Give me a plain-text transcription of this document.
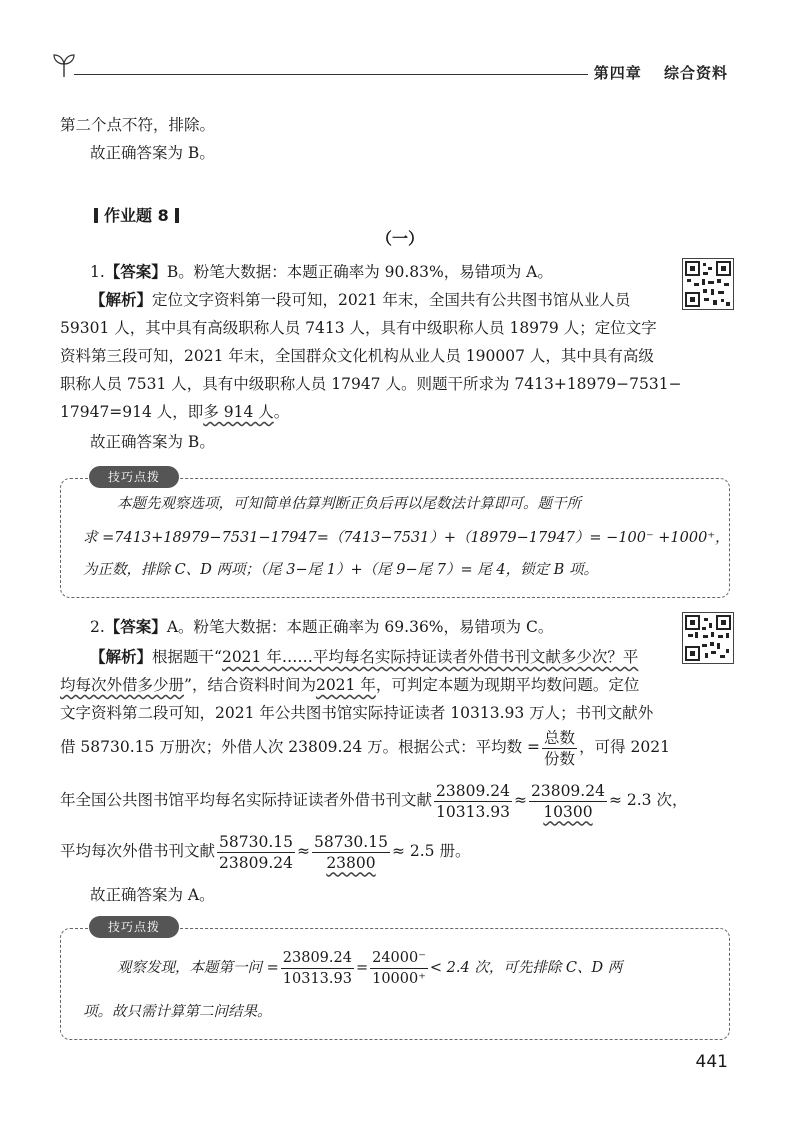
第四章 综合资料
第二个点不符，排除。
故正确答案为 B。
作业题 8
（一）
1.【答案】B。粉笔大数据：本题正确率为 90.83%，易错项为 A。
【解析】定位文字资料第一段可知，2021 年末，全国共有公共图书馆从业人员
59301 人，其中具有高级职称人员 7413 人，具有中级职称人员 18979 人；定位文字
资料第三段可知，2021 年末，全国群众文化机构从业人员 190007 人，其中具有高级
职称人员 7531 人，具有中级职称人员 17947 人。则题干所求为 7413+18979−7531−
17947=914 人，即多 914 人。
故正确答案为 B。
技巧点拨
本题先观察选项，可知简单估算判断正负后再以尾数法计算即可。题干所
求 =7413+18979−7531−17947=（7413−7531）+（18979−17947）= −100⁻ +1000⁺，
为正数，排除 C、D 两项；（尾 3−尾 1）+（尾 9−尾 7）= 尾 4，锁定 B 项。
2.【答案】A。粉笔大数据：本题正确率为 69.36%，易错项为 C。
【解析】根据题干“2021 年……平均每名实际持证读者外借书刊文献多少次？平
均每次外借多少册”，结合资料时间为2021 年，可判定本题为现期平均数问题。定位
文字资料第二段可知，2021 年公共图书馆实际持证读者 10313.93 万人；书刊文献外
借 58730.15 万册次；外借人次 23809.24 万。根据公式：平均数 = $\frac{\text{总数}}{\text{份数}}$ ，可得 2021
年全国公共图书馆平均每名实际持证读者外借书刊文献 $\frac{23809.24}{10313.93} \approx \frac{23809.24}{10300} \approx 2.3$ 次，
平均每次外借书刊文献 $\frac{58730.15}{23809.24} \approx \frac{58730.15}{23800} \approx 2.5$ 册。
故正确答案为 A。
技巧点拨
观察发现，本题第一问 = $\frac{23809.24}{10313.93} = \frac{24000^-}{10000^+} < 2.4$ 次，可先排除 C、D 两
项。故只需计算第二问结果。
441
